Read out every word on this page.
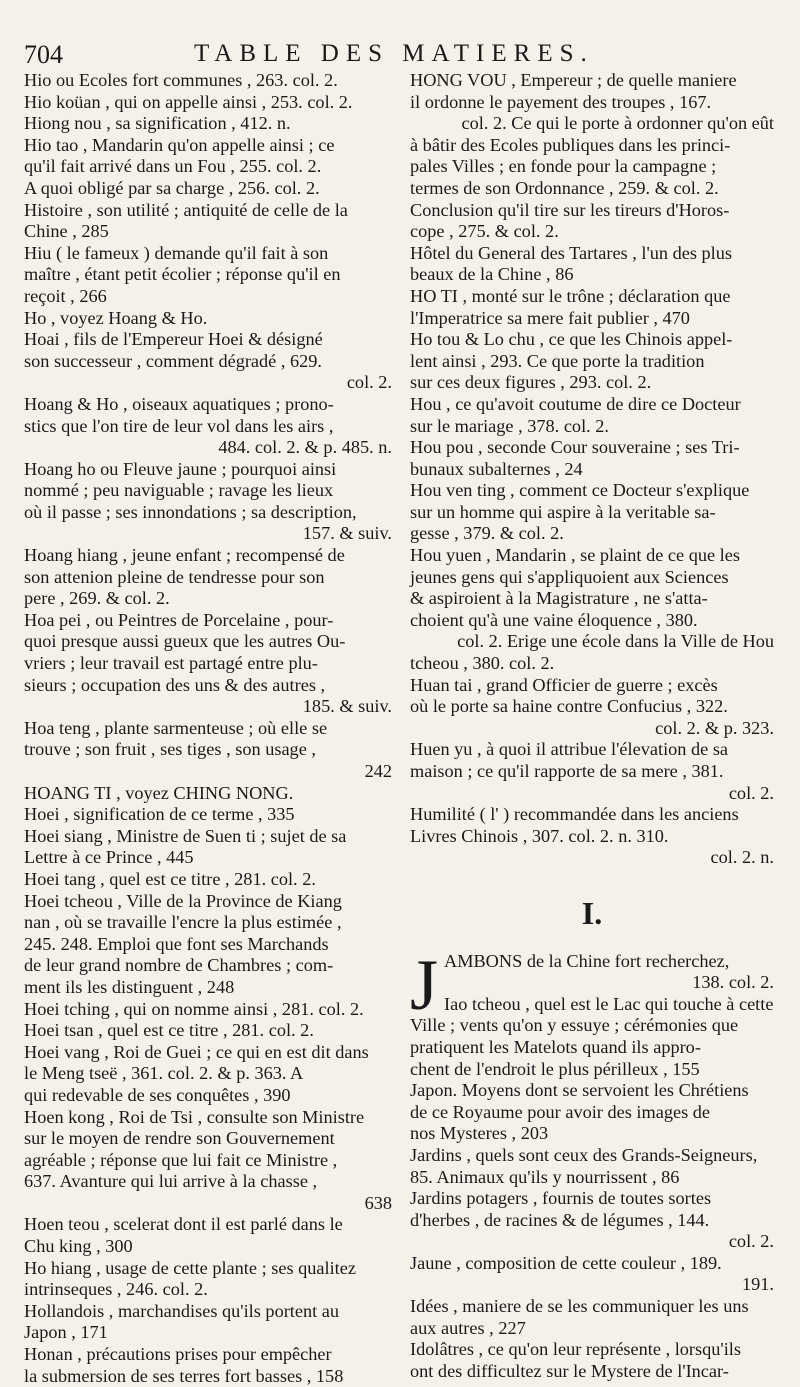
704	TABLE DES MATIERES.
Hio ou Ecoles fort communes , 263. col. 2.
Hio koüan , qui on appelle ainsi , 253. col. 2.
Hiong nou , sa signification , 412. n.
Hio tao , Mandarin qu'on appelle ainsi ; ce
qu'il fait arrivé dans un Fou , 255. col. 2.
A quoi obligé par sa charge , 256. col. 2.
Histoire , son utilité ; antiquité de celle de la
Chine , 285
Hiu ( le fameux ) demande qu'il fait à son
maître , étant petit écolier ; réponse qu'il en
reçoit , 266
Ho , voyez Hoang & Ho.
Hoai , fils de l'Empereur Hoei & désigné
son successeur , comment dégradé , 629.
col. 2.
Hoang & Ho , oiseaux aquatiques ; prono-
stics que l'on tire de leur vol dans les airs ,
484. col. 2. & p. 485. n.
Hoang ho ou Fleuve jaune ; pourquoi ainsi
nommé ; peu naviguable ; ravage les lieux
où il passe ; ses innondations ; sa description,
157. & suiv.
Hoang hiang , jeune enfant ; recompensé de
son attenion pleine de tendresse pour son
pere , 269. & col. 2.
Hoa pei , ou Peintres de Porcelaine , pour-
quoi presque aussi gueux que les autres Ou-
vriers ; leur travail est partagé entre plu-
sieurs ; occupation des uns & des autres ,
185. & suiv.
Hoa teng , plante sarmenteuse ; où elle se
trouve ; son fruit , ses tiges , son usage ,
242
HOANG TI , voyez CHING NONG.
Hoei , signification de ce terme , 335
Hoei siang , Ministre de Suen ti ; sujet de sa
Lettre à ce Prince , 445
Hoei tang , quel est ce titre , 281. col. 2.
Hoei tcheou , Ville de la Province de Kiang
nan , où se travaille l'encre la plus estimée ,
245. 248. Emploi que font ses Marchands
de leur grand nombre de Chambres ; com-
ment ils les distinguent , 248
Hoei tching , qui on nomme ainsi , 281. col. 2.
Hoei tsan , quel est ce titre , 281. col. 2.
Hoei vang , Roi de Guei ; ce qui en est dit dans
le Meng tseë , 361. col. 2. & p. 363. A
qui redevable de ses conquêtes , 390
Hoen kong , Roi de Tsi , consulte son Ministre
sur le moyen de rendre son Gouvernement
agréable ; réponse que lui fait ce Ministre ,
637. Avanture qui lui arrive à la chasse ,
638
Hoen teou , scelerat dont il est parlé dans le
Chu king , 300
Ho hiang , usage de cette plante ; ses qualitez
intrinseques , 246. col. 2.
Hollandois , marchandises qu'ils portent au
Japon , 171
Honan , précautions prises pour empêcher
la submersion de ses terres fort basses , 158
HONG VOU , Empereur ; de quelle maniere
il ordonne le payement des troupes , 167.
col. 2. Ce qui le porte à ordonner qu'on eût
à bâtir des Ecoles publiques dans les princi-
pales Villes ; en fonde pour la campagne ;
termes de son Ordonnance , 259. & col. 2.
Conclusion qu'il tire sur les tireurs d'Horos-
cope , 275. & col. 2.
Hôtel du General des Tartares , l'un des plus
beaux de la Chine , 86
HO TI , monté sur le trône ; déclaration que
l'Imperatrice sa mere fait publier , 470
Ho tou & Lo chu , ce que les Chinois appel-
lent ainsi , 293. Ce que porte la tradition
sur ces deux figures , 293. col. 2.
Hou , ce qu'avoit coutume de dire ce Docteur
sur le mariage , 378. col. 2.
Hou pou , seconde Cour souveraine ; ses Tri-
bunaux subalternes , 24
Hou ven ting , comment ce Docteur s'explique
sur un homme qui aspire à la veritable sa-
gesse , 379. & col. 2.
Hou yuen , Mandarin , se plaint de ce que les
jeunes gens qui s'appliquoient aux Sciences
& aspiroient à la Magistrature , ne s'atta-
choient qu'à une vaine éloquence , 380.
col. 2. Erige une école dans la Ville de Hou
tcheou , 380. col. 2.
Huan tai , grand Officier de guerre ; excès
où le porte sa haine contre Confucius , 322.
col. 2. & p. 323.
Huen yu , à quoi il attribue l'élevation de sa
maison ; ce qu'il rapporte de sa mere , 381.
col. 2.
Humilité ( l' ) recommandée dans les anciens
Livres Chinois , 307. col. 2. n. 310.
col. 2. n.
I.
J AMBONS de la Chine fort recherchez,
138. col. 2.
Iao tcheou , quel est le Lac qui touche à cette
Ville ; vents qu'on y essuye ; cérémonies que
pratiquent les Matelots quand ils appro-
chent de l'endroit le plus périlleux , 155
Japon. Moyens dont se servoient les Chrétiens
de ce Royaume pour avoir des images de
nos Mysteres , 203
Jardins , quels sont ceux des Grands-Seigneurs,
85. Animaux qu'ils y nourrissent , 86
Jardins potagers , fournis de toutes sortes
d'herbes , de racines & de légumes , 144.
col. 2.
Jaune , composition de cette couleur , 189.
191.
Idées , maniere de se les communiquer les uns
aux autres , 227
Idolâtres , ce qu'on leur représente , lorsqu'ils
ont des difficultez sur le Mystere de l'Incar-
